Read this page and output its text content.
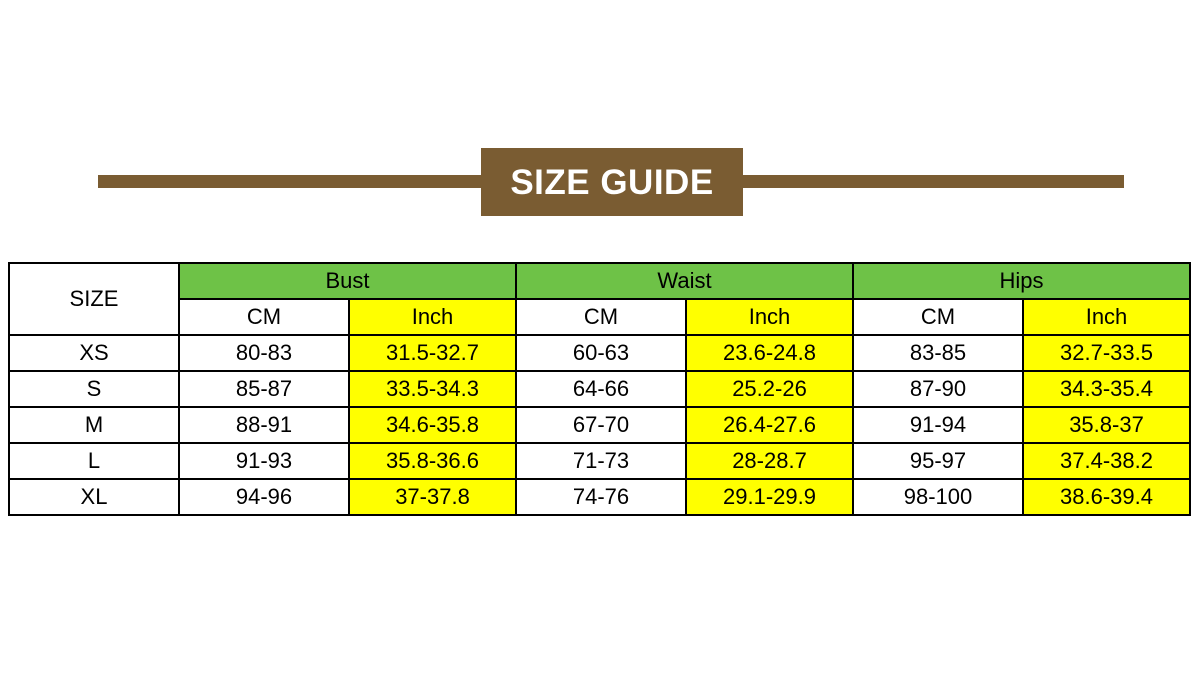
SIZE GUIDE
SIZE	Bust		Waist		Hips	
	CM	Inch	CM	Inch	CM	Inch
XS	80-83	31.5-32.7	60-63	23.6-24.8	83-85	32.7-33.5
S	85-87	33.5-34.3	64-66	25.2-26	87-90	34.3-35.4
M	88-91	34.6-35.8	67-70	26.4-27.6	91-94	35.8-37
L	91-93	35.8-36.6	71-73	28-28.7	95-97	37.4-38.2
XL	94-96	37-37.8	74-76	29.1-29.9	98-100	38.6-39.4
